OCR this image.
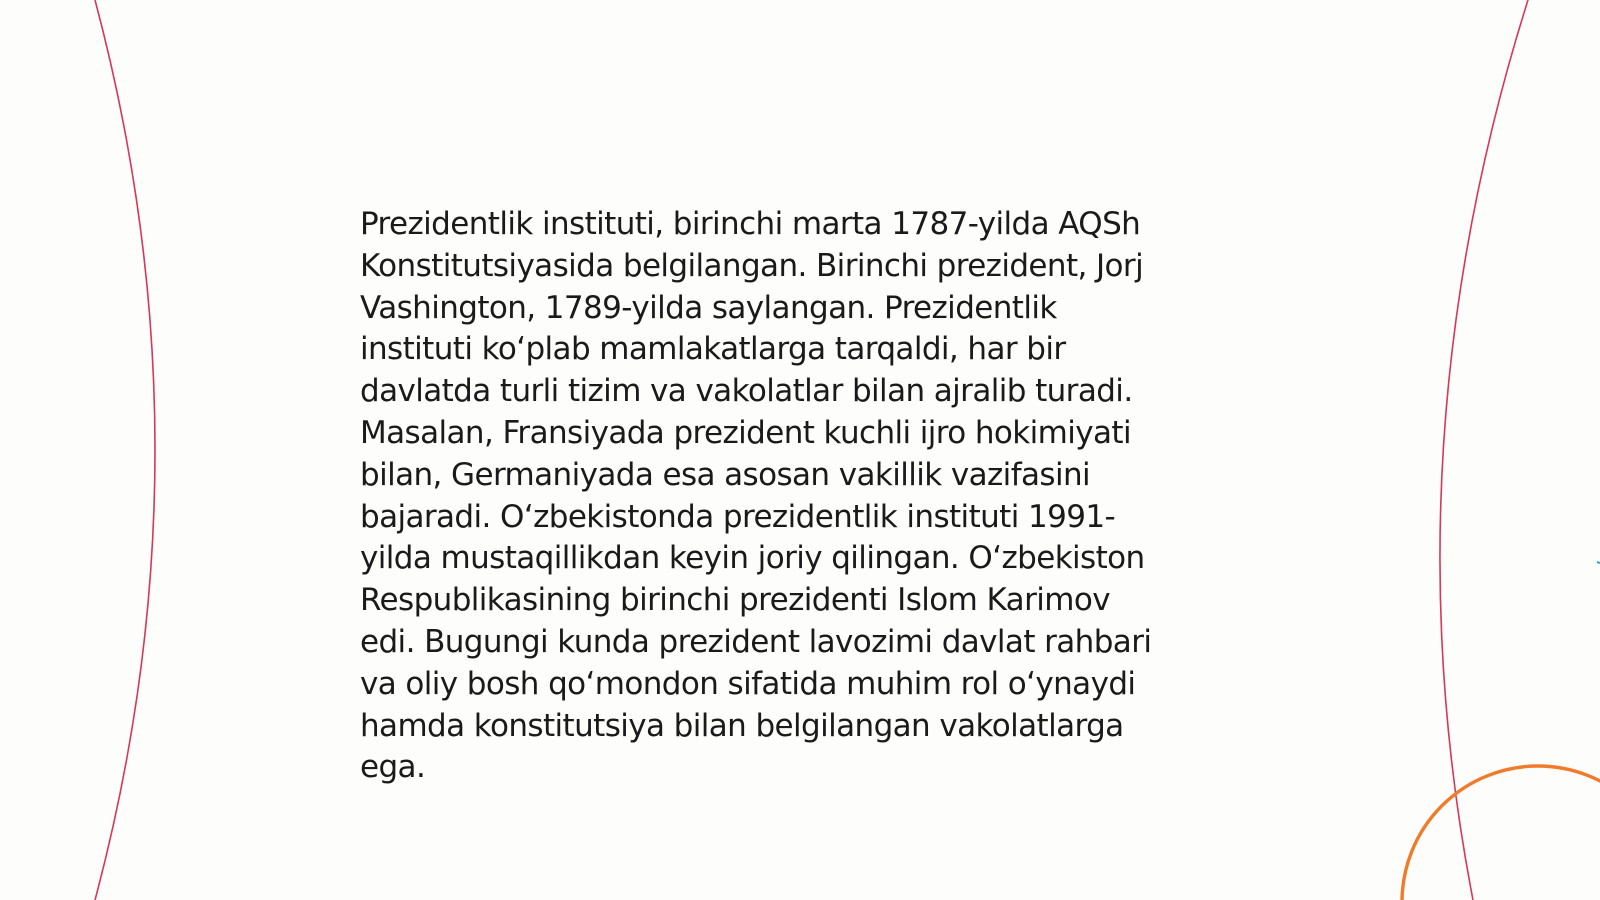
Prezidentlik instituti, birinchi marta 1787-yilda AQSh
Konstitutsiyasida belgilangan. Birinchi prezident, Jorj
Vashington, 1789-yilda saylangan. Prezidentlik
instituti ko‘plab mamlakatlarga tarqaldi, har bir
davlatda turli tizim va vakolatlar bilan ajralib turadi.
Masalan, Fransiyada prezident kuchli ijro hokimiyati
bilan, Germaniyada esa asosan vakillik vazifasini
bajaradi. O‘zbekistonda prezidentlik instituti 1991-
yilda mustaqillikdan keyin joriy qilingan. O‘zbekiston
Respublikasining birinchi prezidenti Islom Karimov
edi. Bugungi kunda prezident lavozimi davlat rahbari
va oliy bosh qo‘mondon sifatida muhim rol o‘ynaydi
hamda konstitutsiya bilan belgilangan vakolatlarga
ega.
